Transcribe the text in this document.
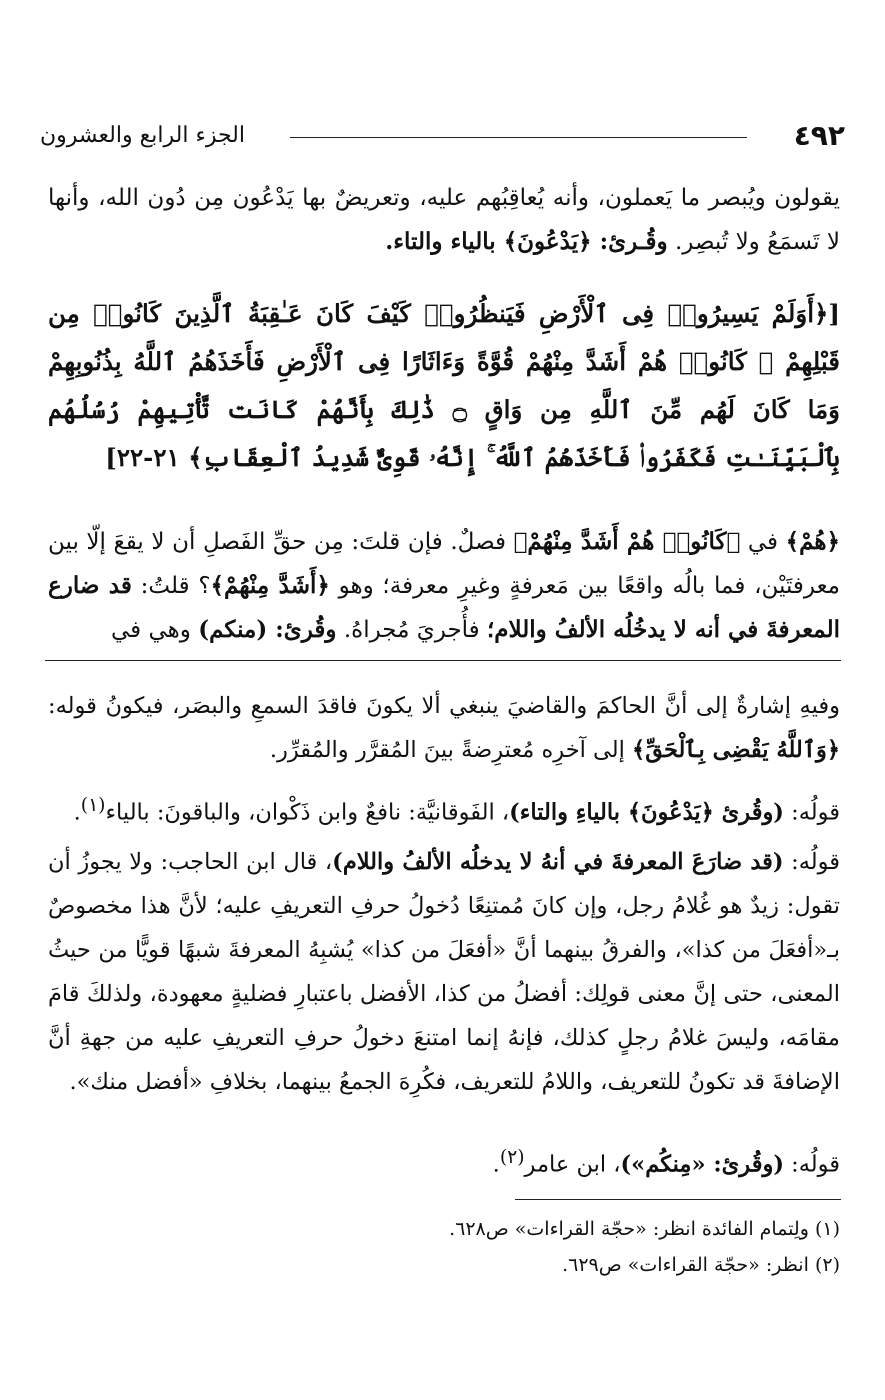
٤٩٢
الجزء الرابع والعشرون
يقولون ويُبصر ما يَعملون، وأنه يُعاقِبُهم عليه، وتعريضٌ بها يَدْعُون مِن دُون الله، وأنها لا تَسمَعُ ولا تُبصِر. وقُـرئ: ﴿يَدْعُونَ﴾ بالياء والتاء.
[﴿أَوَلَمْ يَسِيرُوا۟ فِى ٱلْأَرْضِ فَيَنظُرُوا۟ كَيْفَ كَانَ عَـٰقِبَةُ ٱلَّذِينَ كَانُوا۟ مِن قَبْلِهِمْ ۚ كَانُوا۟ هُمْ أَشَدَّ مِنْهُمْ قُوَّةً وَءَاثَارًا فِى ٱلْأَرْضِ فَأَخَذَهُمُ ٱللَّهُ بِذُنُوبِهِمْ وَمَا كَانَ لَهُم مِّنَ ٱللَّهِ مِن وَاقٍ ۝ ذَٰلِكَ بِأَنَّهُمْ كَانَت تَّأْتِيهِمْ رُسُلُهُم بِٱلْبَيِّنَـٰتِ فَكَفَرُوا۟ فَأَخَذَهُمُ ٱللَّهُ ۚ إِنَّهُۥ قَوِىٌّ شَدِيدُ ٱلْعِقَابِ﴾ ٢١-٢٢]
﴿هُمْ﴾ في ﴿كَانُوا۟ هُمْ أَشَدَّ مِنْهُمْ﴾ فصلٌ. فإن قلتَ: مِن حقِّ الفَصلِ أن لا يقعَ إلّا بين معرفتَيْن، فما بالُه واقعًا بين مَعرفةٍ وغيرِ معرفة؛ وهو ﴿أَشَدَّ مِنْهُمْ﴾؟ قلتُ: قد ضارع المعرفةَ في أنه لا يدخُلُه الألفُ واللام؛ فأُجريَ مُجراهُ. وقُرئ: (منكم) وهي في
وفيهِ إشارةٌ إلى أنَّ الحاكمَ والقاضيَ ينبغي ألا يكونَ فاقدَ السمعِ والبصَر، فيكونُ قوله: ﴿وَٱللَّهُ يَقْضِى بِٱلْحَقِّ﴾ إلى آخرِه مُعترِضةً بينَ المُقرَّر والمُقرِّر.
قولُه: (وقُرئ ﴿يَدْعُونَ﴾ بالياءِ والتاء)، الفَوقانيَّة: نافعٌ وابن ذَكْوان، والباقونَ: بالياء$^{(١)}$.
قولُه: (قد ضارَعَ المعرفةَ في أنهُ لا يدخلُه الألفُ واللام)، قال ابن الحاجب: ولا يجوزُ أن تقول: زيدٌ هو غُلامُ رجل، وإن كانَ مُمتنِعًا دُخولُ حرفِ التعريفِ عليه؛ لأنَّ هذا مخصوصٌ بـ«أفعَلَ من كذا»، والفرقُ بينهما أنَّ «أفعَلَ من كذا» يُشبِهُ المعرفةَ شبهًا قويًّا من حيثُ المعنى، حتى إنَّ معنى قولِك: أفضلُ من كذا، الأفضل باعتبارِ فضليةٍ معهودة، ولذلكَ قامَ مقامَه، وليسَ غلامُ رجلٍ كذلك، فإنهُ إنما امتنعَ دخولُ حرفِ التعريفِ عليه من جهةِ أنَّ الإضافةَ قد تكونُ للتعريف، واللامُ للتعريف، فكُرِهَ الجمعُ بينهما، بخلافِ «أفضل منك».
قولُه: (وقُرئ: «مِنكُم»)، ابن عامر$^{(٢)}$.
(١) ولِتمام الفائدة انظر: «حجّة القراءات» ص٦٢٨.
(٢) انظر: «حجّة القراءات» ص٦٢٩.
